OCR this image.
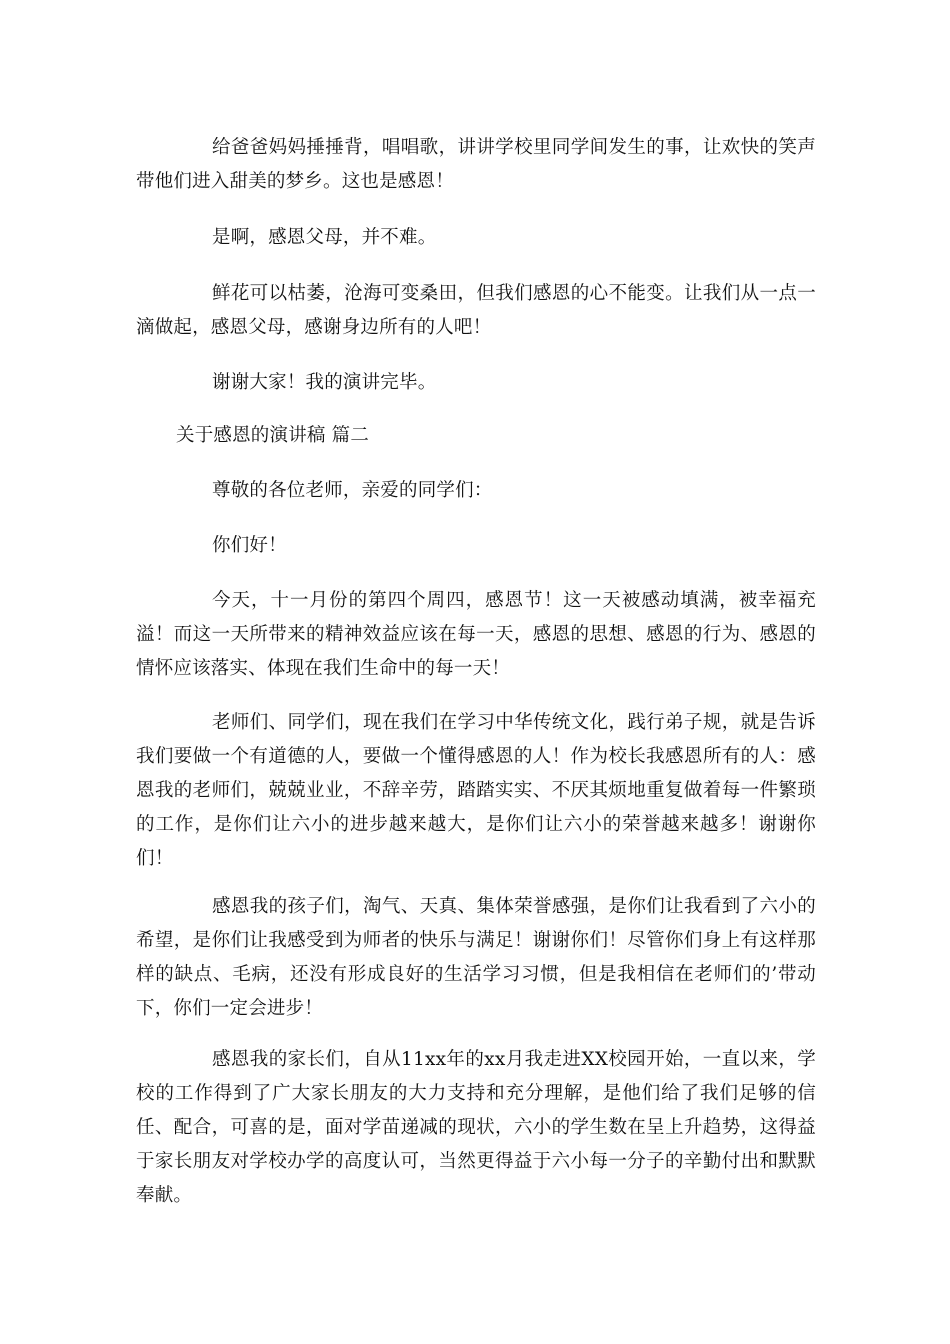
给爸爸妈妈捶捶背，唱唱歌，讲讲学校里同学间发生的事，让欢快的笑声带他们进入甜美的梦乡。这也是感恩！

是啊，感恩父母，并不难。

鲜花可以枯萎，沧海可变桑田，但我们感恩的心不能变。让我们从一点一滴做起，感恩父母，感谢身边所有的人吧！

谢谢大家！我的演讲完毕。

关于感恩的演讲稿 篇二

尊敬的各位老师，亲爱的同学们：

你们好！

今天，十一月份的第四个周四，感恩节！这一天被感动填满，被幸福充溢！而这一天所带来的精神效益应该在每一天，感恩的思想、感恩的行为、感恩的情怀应该落实、体现在我们生命中的每一天！

老师们、同学们，现在我们在学习中华传统文化，践行弟子规，就是告诉我们要做一个有道德的人，要做一个懂得感恩的人！作为校长我感恩所有的人：感恩我的老师们，兢兢业业，不辞辛劳，踏踏实实、不厌其烦地重复做着每一件繁琐的工作，是你们让六小的进步越来越大，是你们让六小的荣誉越来越多！谢谢你们！

感恩我的孩子们，淘气、天真、集体荣誉感强，是你们让我看到了六小的希望，是你们让我感受到为师者的快乐与满足！谢谢你们！尽管你们身上有这样那样的缺点、毛病，还没有形成良好的生活学习习惯，但是我相信在老师们的’带动下，你们一定会进步！

感恩我的家长们，自从11xx年的xx月我走进XX校园开始，一直以来，学校的工作得到了广大家长朋友的大力支持和充分理解，是他们给了我们足够的信任、配合，可喜的是，面对学苗递减的现状，六小的学生数在呈上升趋势，这得益于家长朋友对学校办学的高度认可，当然更得益于六小每一分子的辛勤付出和默默奉献。
